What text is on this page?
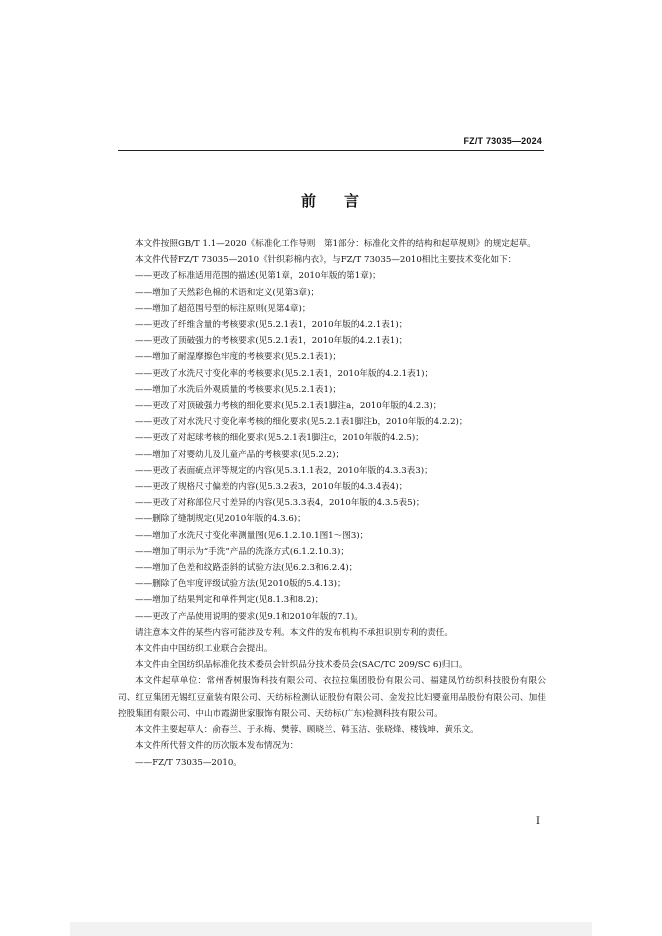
FZ/T 73035—2024
前 言

本文件按照GB/T 1.1—2020《标准化工作导则　第1部分：标准化文件的结构和起草规则》的规定起草。

本文件代替FZ/T 73035—2010《针织彩棉内衣》，与FZ/T 73035—2010相比主要技术变化如下：

——更改了标准适用范围的描述(见第1章，2010年版的第1章)；

——增加了天然彩色棉的术语和定义(见第3章)；

——增加了超范围号型的标注原则(见第4章)；

——更改了纤维含量的考核要求(见5.2.1表1，2010年版的4.2.1表1)；

——更改了顶破强力的考核要求(见5.2.1表1，2010年版的4.2.1表1)；

——增加了耐湿摩擦色牢度的考核要求(见5.2.1表1)；

——更改了水洗尺寸变化率的考核要求(见5.2.1表1，2010年版的4.2.1表1)；

——增加了水洗后外观质量的考核要求(见5.2.1表1)；

——更改了对顶破强力考核的细化要求(见5.2.1表1脚注a，2010年版的4.2.3)；

——更改了对水洗尺寸变化率考核的细化要求(见5.2.1表1脚注b，2010年版的4.2.2)；

——更改了对起球考核的细化要求(见5.2.1表1脚注c，2010年版的4.2.5)；

——增加了对婴幼儿及儿童产品的考核要求(见5.2.2)；

——更改了表面疵点评等规定的内容(见5.3.1.1表2，2010年版的4.3.3表3)；

——更改了规格尺寸偏差的内容(见5.3.2表3，2010年版的4.3.4表4)；

——更改了对称部位尺寸差异的内容(见5.3.3表4，2010年版的4.3.5表5)；

——删除了缝制规定(见2010年版的4.3.6)；

——增加了水洗尺寸变化率测量图(见6.1.2.10.1图1～图3)；

——增加了明示为“手洗”产品的洗涤方式(6.1.2.10.3)；

——增加了色差和纹路歪斜的试验方法(见6.2.3和6.2.4)；

——删除了色牢度评级试验方法(见2010版的5.4.13)；

——增加了结果判定和单件判定(见8.1.3和8.2)；

——更改了产品使用说明的要求(见9.1和2010年版的7.1)。

请注意本文件的某些内容可能涉及专利。本文件的发布机构不承担识别专利的责任。

本文件由中国纺织工业联合会提出。

本文件由全国纺织品标准化技术委员会针织品分技术委员会(SAC/TC 209/SC 6)归口。

本文件起草单位：常州香树服饰科技有限公司、衣拉拉集团股份有限公司、福建凤竹纺织科技股份有限公司、红豆集团无锡红豆童装有限公司、天纺标检测认证股份有限公司、金发拉比妇婴童用品股份有限公司、加佳控股集团有限公司、中山市霞湖世家服饰有限公司、天纺标(广东)检测科技有限公司。

本文件主要起草人：俞春兰、于永梅、樊蓉、顾晓兰、韩玉洁、张晓烽、楼钱坤、黄乐文。

本文件所代替文件的历次版本发布情况为：

——FZ/T 73035—2010。

I
